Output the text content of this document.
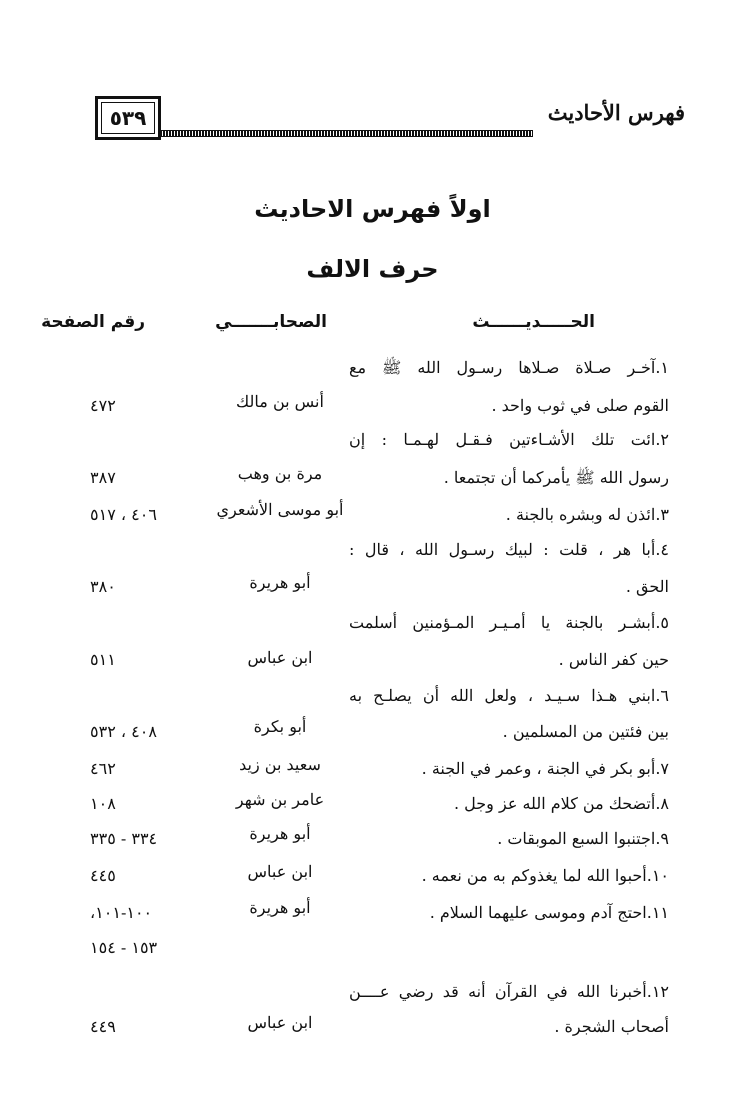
فهرس الأحاديث
٥٣٩
اولاً فهرس الاحاديث
حرف الالف
الحـــــديــــــث
الصحابـــــــي
رقم الصفحة
١.آخـر صـلاة صـلاها رسـول الله ﷺ مع
القوم صلى في ثوب واحد .
أنس بن مالك
٤٧٢
٢.ائت تلك الأشـاءتين فـقـل لهـمـا : إن
رسول الله ﷺ يأمركما أن تجتمعا .
مرة بن وهب
٣٨٧
٣.ائذن له وبشره بالجنة .
أبو موسى الأشعري
٤٠٦ ، ٥١٧
٤.أبا هر ، قلت : لبيك رسـول الله ، قال :
الحق .
أبو هريرة
٣٨٠
٥.أبشـر بالجنة يا أمـيـر المـؤمنين أسلمت
حين كفر الناس .
ابن عباس
٥١١
٦.ابني هـذا سـيـد ، ولعل الله أن يصلـح به
بين فئتين من المسلمين .
أبو بكرة
٤٠٨ ، ٥٣٢
٧.أبو بكر في الجنة ، وعمر في الجنة .
سعيد بن زيد
٤٦٢
٨.أتضحك من كلام الله عز وجل .
عامر بن شهر
١٠٨
٩.اجتنبوا السبع الموبقات .
أبو هريرة
٣٣٤ - ٣٣٥
١٠.أحبوا الله لما يغذوكم به من نعمه .
ابن عباس
٤٤٥
١١.احتج آدم وموسى عليهما السلام .
أبو هريرة
١٠٠-١٠١،
١٥٣ - ١٥٤
١٢.أخبرنا الله في القرآن أنه قد رضي عــــن
أصحاب الشجرة .
ابن عباس
٤٤٩
